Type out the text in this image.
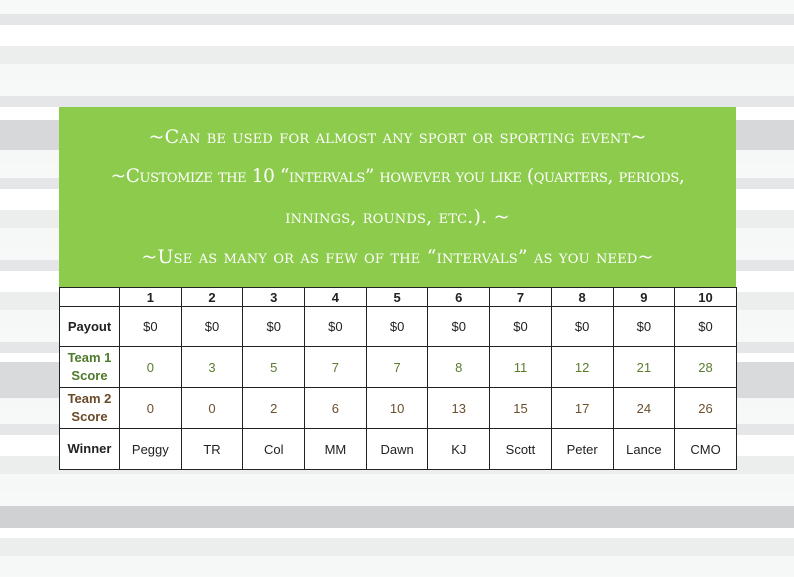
~Can be used for almost any sport or sporting event~
~Customize the 10 “intervals” however you like (quarters, periods,
innings, rounds, etc.). ~
~Use as many or as few of the “intervals” as you need~
	1	2	3	4	5	6	7	8	9	10
Payout	$0	$0	$0	$0	$0	$0	$0	$0	$0	$0
Team 1
Score	0	3	5	7	7	8	11	12	21	28
Team 2
Score	0	0	2	6	10	13	15	17	24	26
Winner	Peggy	TR	Col	MM	Dawn	KJ	Scott	Peter	Lance	CMO
